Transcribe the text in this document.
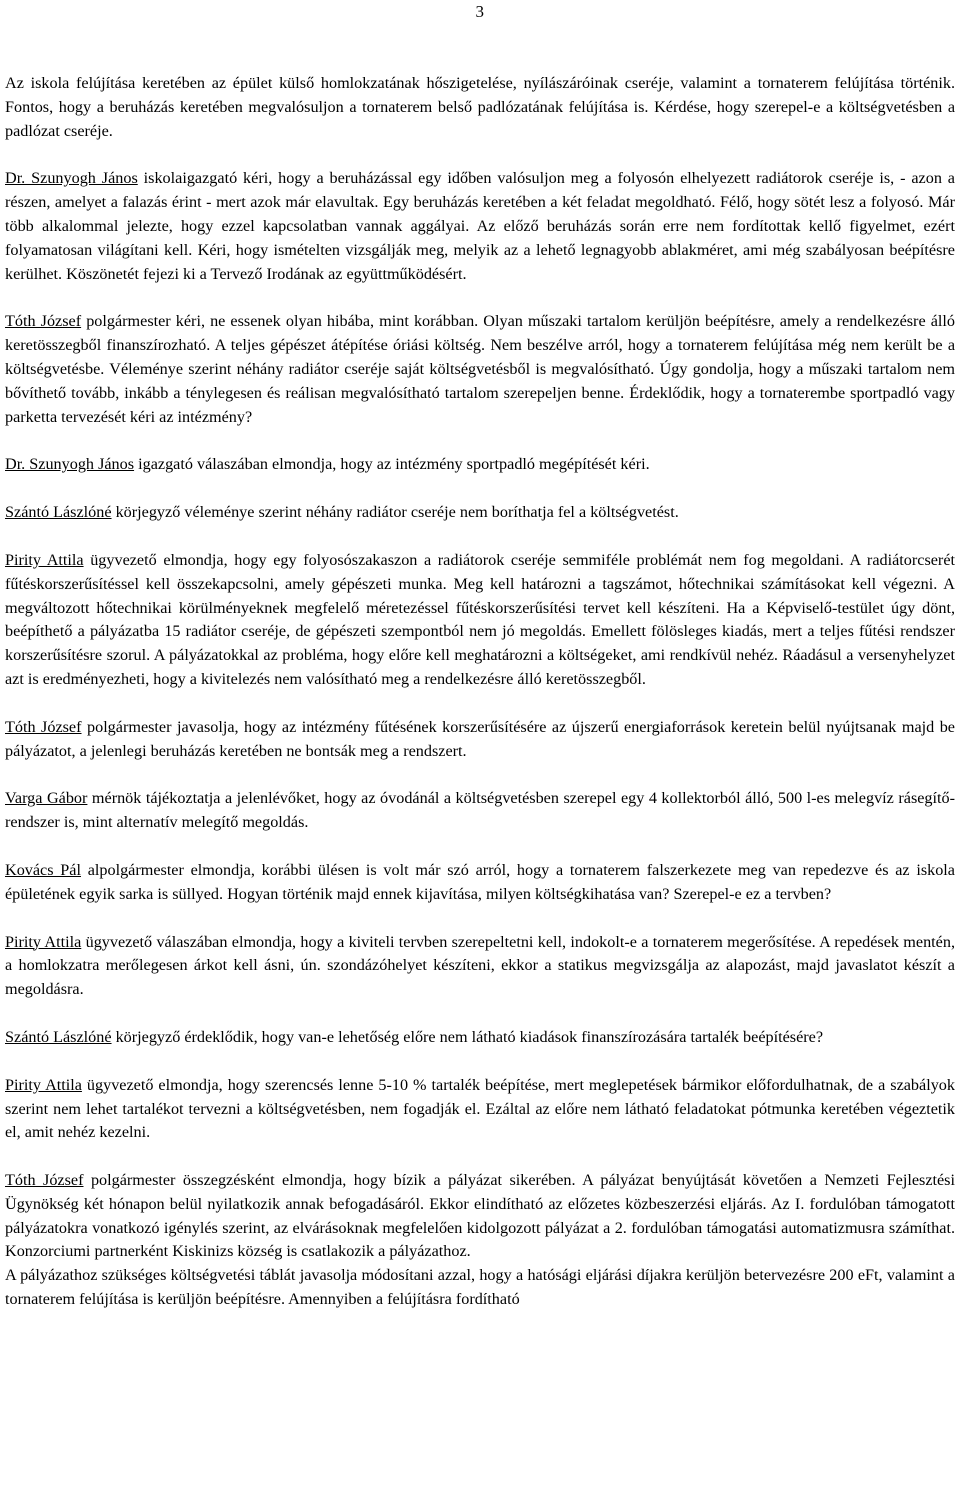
3

Az iskola felújítása keretében az épület külső homlokzatának hőszigetelése, nyílászáróinak cseréje, valamint a tornaterem felújítása történik. Fontos, hogy a beruházás keretében megvalósuljon a tornaterem belső padlózatának felújítása is. Kérdése, hogy szerepel-e a költségvetésben a padlózat cseréje.

Dr. Szunyogh János iskolaigazgató kéri, hogy a beruházással egy időben valósuljon meg a folyosón elhelyezett radiátorok cseréje is, - azon a részen, amelyet a falazás érint - mert azok már elavultak. Egy beruházás keretében a két feladat megoldható. Félő, hogy sötét lesz a folyosó. Már több alkalommal jelezte, hogy ezzel kapcsolatban vannak aggályai. Az előző beruházás során erre nem fordítottak kellő figyelmet, ezért folyamatosan világítani kell. Kéri, hogy ismételten vizsgálják meg, melyik az a lehető legnagyobb ablakméret, ami még szabályosan beépítésre kerülhet. Köszönetét fejezi ki a Tervező Irodának az együttműködésért.

Tóth József polgármester kéri, ne essenek olyan hibába, mint korábban. Olyan műszaki tartalom kerüljön beépítésre, amely a rendelkezésre álló keretösszegből finanszírozható. A teljes gépészet átépítése óriási költség. Nem beszélve arról, hogy a tornaterem felújítása még nem került be a költségvetésbe. Véleménye szerint néhány radiátor cseréje saját költségvetésből is megvalósítható. Úgy gondolja, hogy a műszaki tartalom nem bővíthető tovább, inkább a ténylegesen és reálisan megvalósítható tartalom szerepeljen benne. Érdeklődik, hogy a tornaterembe sportpadló vagy parketta tervezését kéri az intézmény?

Dr. Szunyogh János igazgató válaszában elmondja, hogy az intézmény sportpadló megépítését kéri.

Szántó Lászlóné körjegyző véleménye szerint néhány radiátor cseréje nem boríthatja fel a költségvetést.

Pirity Attila ügyvezető elmondja, hogy egy folyosószakaszon a radiátorok cseréje semmiféle problémát nem fog megoldani. A radiátorcserét fűtéskorszerűsítéssel kell összekapcsolni, amely gépészeti munka. Meg kell határozni a tagszámot, hőtechnikai számításokat kell végezni. A megváltozott hőtechnikai körülményeknek megfelelő méretezéssel fűtéskorszerűsítési tervet kell készíteni. Ha a Képviselő-testület úgy dönt, beépíthető a pályázatba 15 radiátor cseréje, de gépészeti szempontból nem jó megoldás. Emellett fölösleges kiadás, mert a teljes fűtési rendszer korszerűsítésre szorul. A pályázatokkal az probléma, hogy előre kell meghatározni a költségeket, ami rendkívül nehéz. Ráadásul a versenyhelyzet azt is eredményezheti, hogy a kivitelezés nem valósítható meg a rendelkezésre álló keretösszegből.

Tóth József polgármester javasolja, hogy az intézmény fűtésének korszerűsítésére az újszerű energiaforrások keretein belül nyújtsanak majd be pályázatot, a jelenlegi beruházás keretében ne bontsák meg a rendszert.

Varga Gábor mérnök tájékoztatja a jelenlévőket, hogy az óvodánál a költségvetésben szerepel egy 4 kollektorból álló, 500 l-es melegvíz rásegítő-rendszer is, mint alternatív melegítő megoldás.

Kovács Pál alpolgármester elmondja, korábbi ülésen is volt már szó arról, hogy a tornaterem falszerkezete meg van repedezve és az iskola épületének egyik sarka is süllyed. Hogyan történik majd ennek kijavítása, milyen költségkihatása van? Szerepel-e ez a tervben?

Pirity Attila ügyvezető válaszában elmondja, hogy a kiviteli tervben szerepeltetni kell, indokolt-e a tornaterem megerősítése. A repedések mentén, a homlokzatra merőlegesen árkot kell ásni, ún. szondázóhelyet készíteni, ekkor a statikus megvizsgálja az alapozást, majd javaslatot készít a megoldásra.

Szántó Lászlóné körjegyző érdeklődik, hogy van-e lehetőség előre nem látható kiadások finanszírozására tartalék beépítésére?

Pirity Attila ügyvezető elmondja, hogy szerencsés lenne 5-10 % tartalék beépítése, mert meglepetések bármikor előfordulhatnak, de a szabályok szerint nem lehet tartalékot tervezni a költségvetésben, nem fogadják el. Ezáltal az előre nem látható feladatokat pótmunka keretében végeztetik el, amit nehéz kezelni.

Tóth József polgármester összegzésként elmondja, hogy bízik a pályázat sikerében. A pályázat benyújtását követően a Nemzeti Fejlesztési Ügynökség két hónapon belül nyilatkozik annak befogadásáról. Ekkor elindítható az előzetes közbeszerzési eljárás. Az I. fordulóban támogatott pályázatokra vonatkozó igénylés szerint, az elvárásoknak megfelelően kidolgozott pályázat a 2. fordulóban támogatási automatizmusra számíthat. Konzorciumi partnerként Kiskinizs község is csatlakozik a pályázathoz.

A pályázathoz szükséges költségvetési táblát javasolja módosítani azzal, hogy a hatósági eljárási díjakra kerüljön betervezésre 200 eFt, valamint a tornaterem felújítása is kerüljön beépítésre. Amennyiben a felújításra fordítható
